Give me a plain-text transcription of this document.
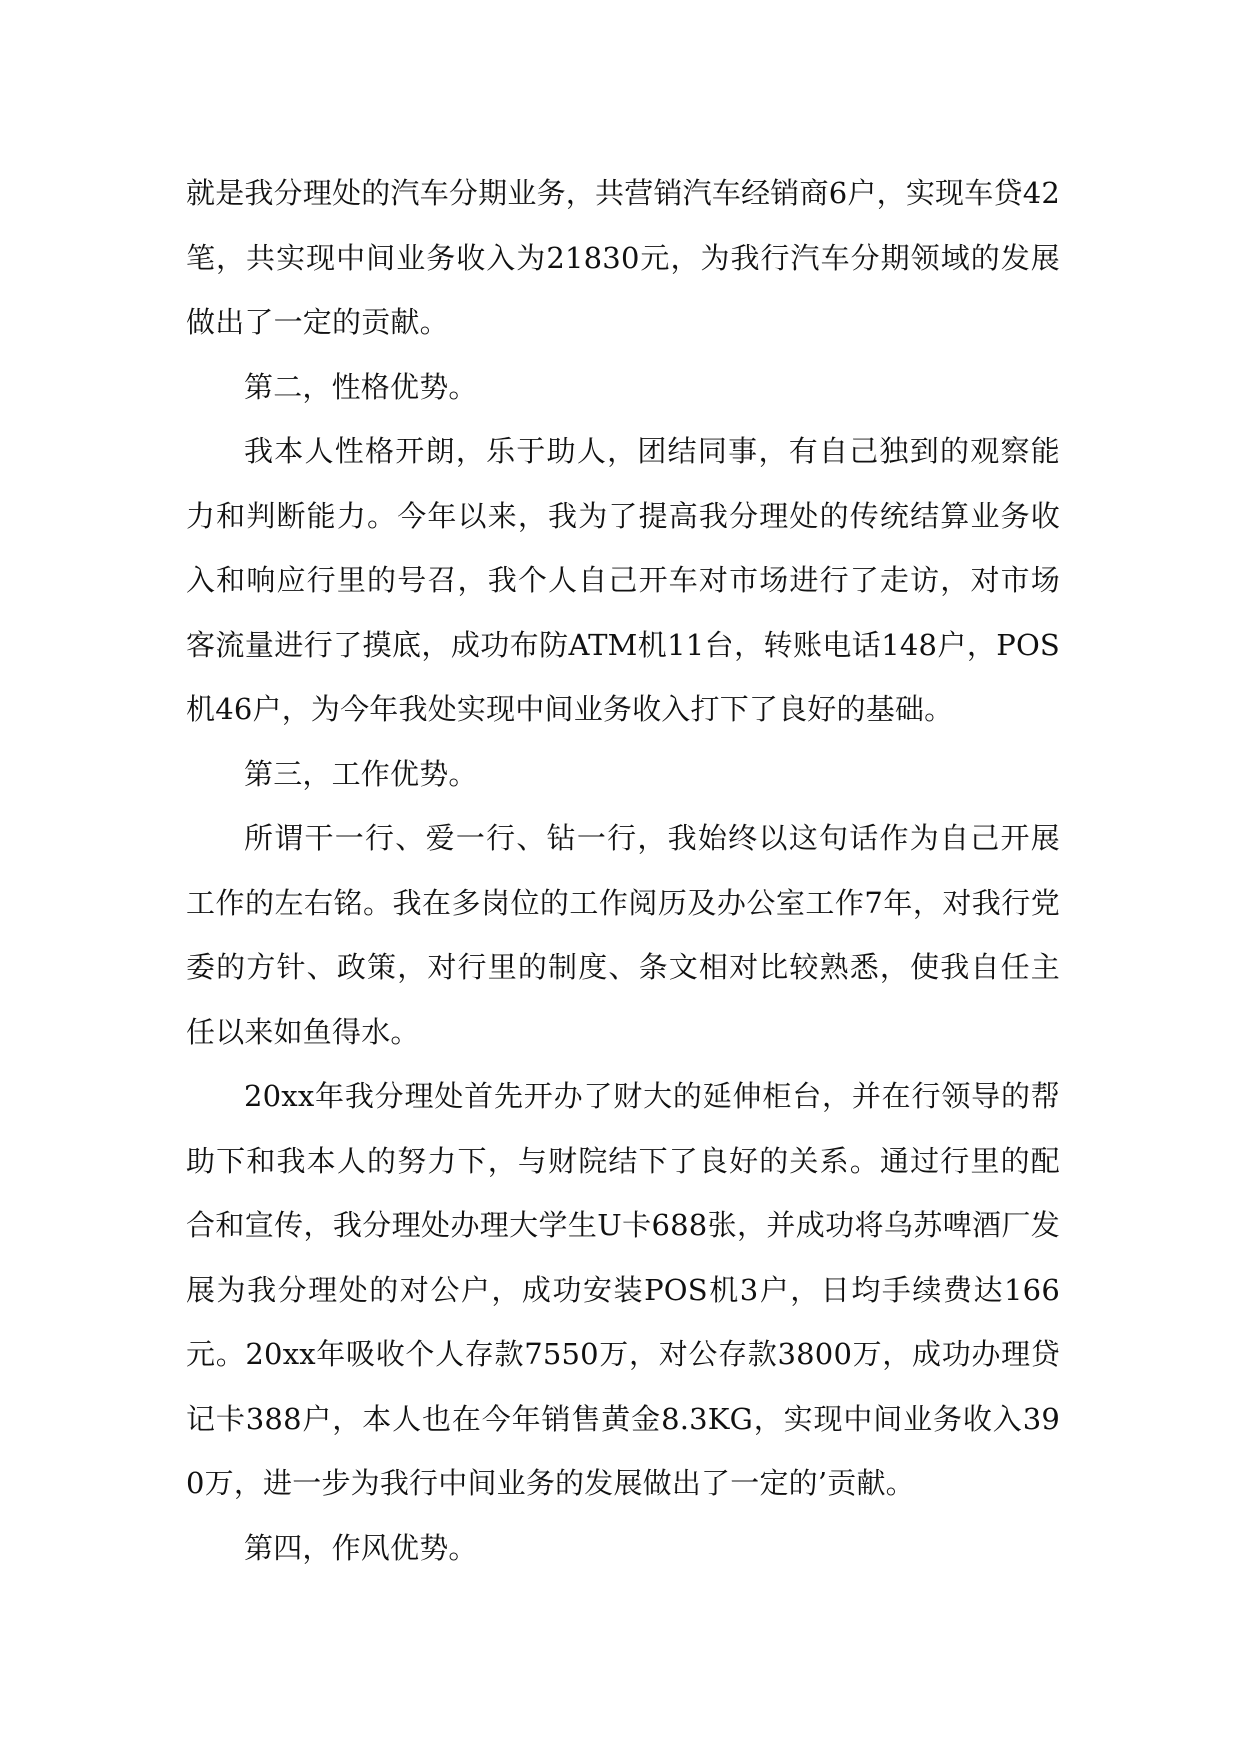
就是我分理处的汽车分期业务，共营销汽车经销商6户，实现车贷42笔，共实现中间业务收入为21830元，为我行汽车分期领域的发展做出了一定的贡献。

第二，性格优势。

我本人性格开朗，乐于助人，团结同事，有自己独到的观察能力和判断能力。今年以来，我为了提高我分理处的传统结算业务收入和响应行里的号召，我个人自己开车对市场进行了走访，对市场客流量进行了摸底，成功布防ATM机11台，转账电话148户，POS机46户，为今年我处实现中间业务收入打下了良好的基础。

第三，工作优势。

所谓干一行、爱一行、钻一行，我始终以这句话作为自己开展工作的左右铭。我在多岗位的工作阅历及办公室工作7年，对我行党委的方针、政策，对行里的制度、条文相对比较熟悉，使我自任主任以来如鱼得水。

20xx年我分理处首先开办了财大的延伸柜台，并在行领导的帮助下和我本人的努力下，与财院结下了良好的关系。通过行里的配合和宣传，我分理处办理大学生U卡688张，并成功将乌苏啤酒厂发展为我分理处的对公户，成功安装POS机3户，日均手续费达166元。20xx年吸收个人存款7550万，对公存款3800万，成功办理贷记卡388户，本人也在今年销售黄金8.3KG，实现中间业务收入390万，进一步为我行中间业务的发展做出了一定的’贡献。

第四，作风优势。
